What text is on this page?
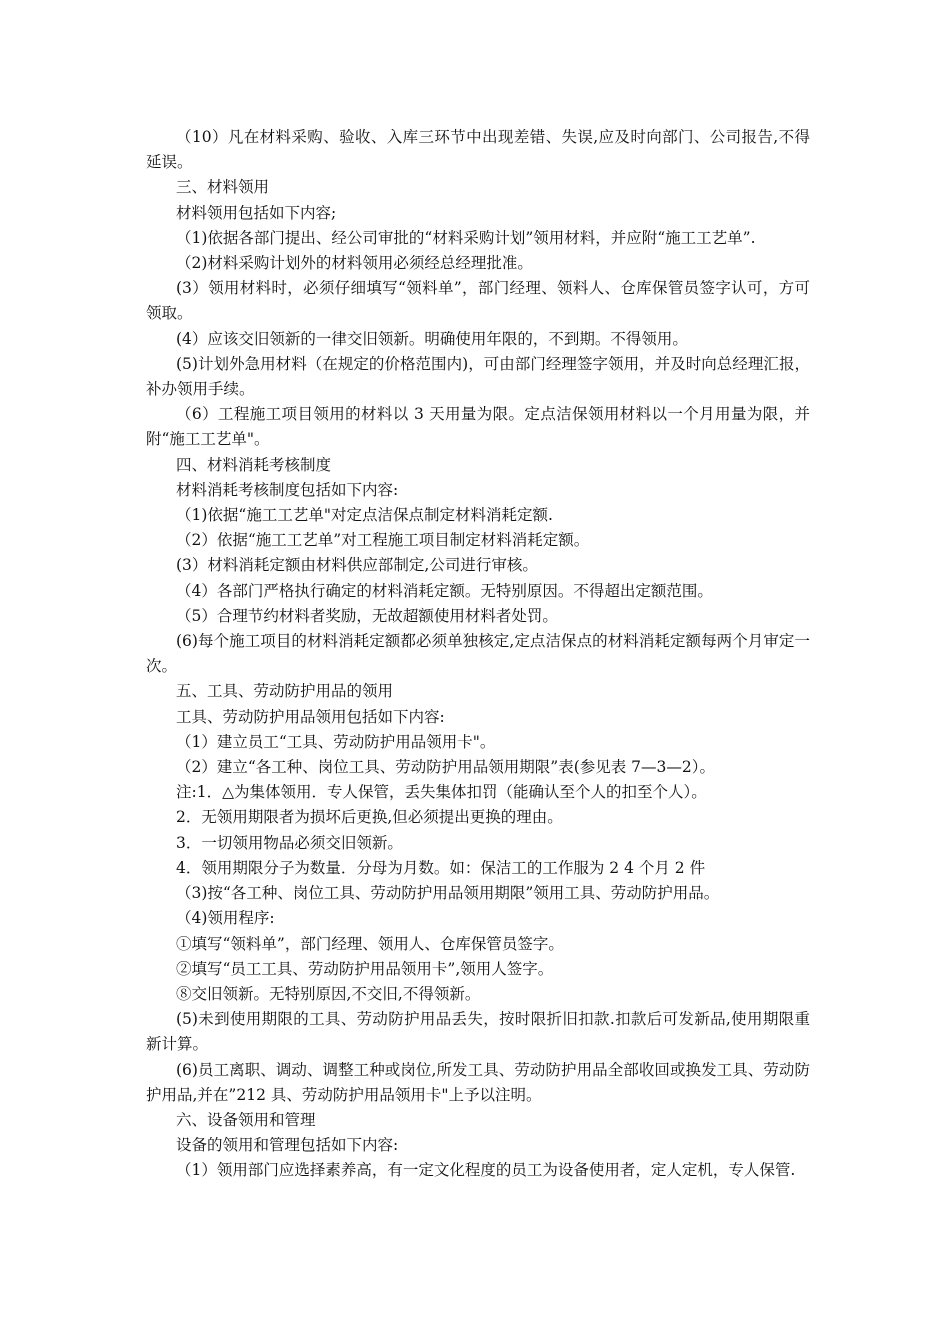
（10）凡在材料采购、验收、入库三环节中出现差错、失误,应及时向部门、公司报告,不得延误。

三、材料领用

材料领用包括如下内容;

（1)依据各部门提出、经公司审批的“材料采购计划”领用材料，并应附“施工工艺单”.

（2)材料采购计划外的材料领用必须经总经理批准。

(3）领用材料时，必须仔细填写“领料单”，部门经理、领料人、仓库保管员签字认可，方可领取。

(4）应该交旧领新的一律交旧领新。明确使用年限的，不到期。不得领用。

(5)计划外急用材料（在规定的价格范围内)，可由部门经理签字领用，并及时向总经理汇报，补办领用手续。

（6）工程施工项目领用的材料以 3 天用量为限。定点洁保领用材料以一个月用量为限，并附“施工工艺单"。

四、材料消耗考核制度

材料消耗考核制度包括如下内容:

（1)依据“施工工艺单"对定点洁保点制定材料消耗定额.

（2）依据“施工工艺单”对工程施工项目制定材料消耗定额。

(3）材料消耗定额由材料供应部制定,公司进行审核。

（4）各部门严格执行确定的材料消耗定额。无特别原因。不得超出定额范围。

（5）合理节约材料者奖励，无故超额使用材料者处罚。

(6)每个施工项目的材料消耗定额都必须单独核定,定点洁保点的材料消耗定额每两个月审定一次。

五、工具、劳动防护用品的领用

工具、劳动防护用品领用包括如下内容:

（1）建立员工“工具、劳动防护用品领用卡"。

（2）建立“各工种、岗位工具、劳动防护用品领用期限”表(参见表 7—3—2）。

注:1．△为集体领用．专人保管，丢失集体扣罚（能确认至个人的扣至个人）。

2．无领用期限者为损坏后更换,但必须提出更换的理由。

3．一切领用物品必须交旧领新。

4．领用期限分子为数量．分母为月数。如：保洁工的工作服为 2 4 个月 2 件

（3)按“各工种、岗位工具、劳动防护用品领用期限”领用工具、劳动防护用品。

（4)领用程序:

①填写“领料单”，部门经理、领用人、仓库保管员签字。

②填写“员工工具、劳动防护用品领用卡”,领用人签字。

⑧交旧领新。无特别原因,不交旧,不得领新。

(5)未到使用期限的工具、劳动防护用品丢失，按时限折旧扣款.扣款后可发新品,使用期限重新计算。

(6)员工离职、调动、调整工种或岗位,所发工具、劳动防护用品全部收回或换发工具、劳动防护用品,并在”212 具、劳动防护用品领用卡"上予以注明。

六、设备领用和管理

设备的领用和管理包括如下内容:

（1）领用部门应选择素养高，有一定文化程度的员工为设备使用者，定人定机，专人保管.
